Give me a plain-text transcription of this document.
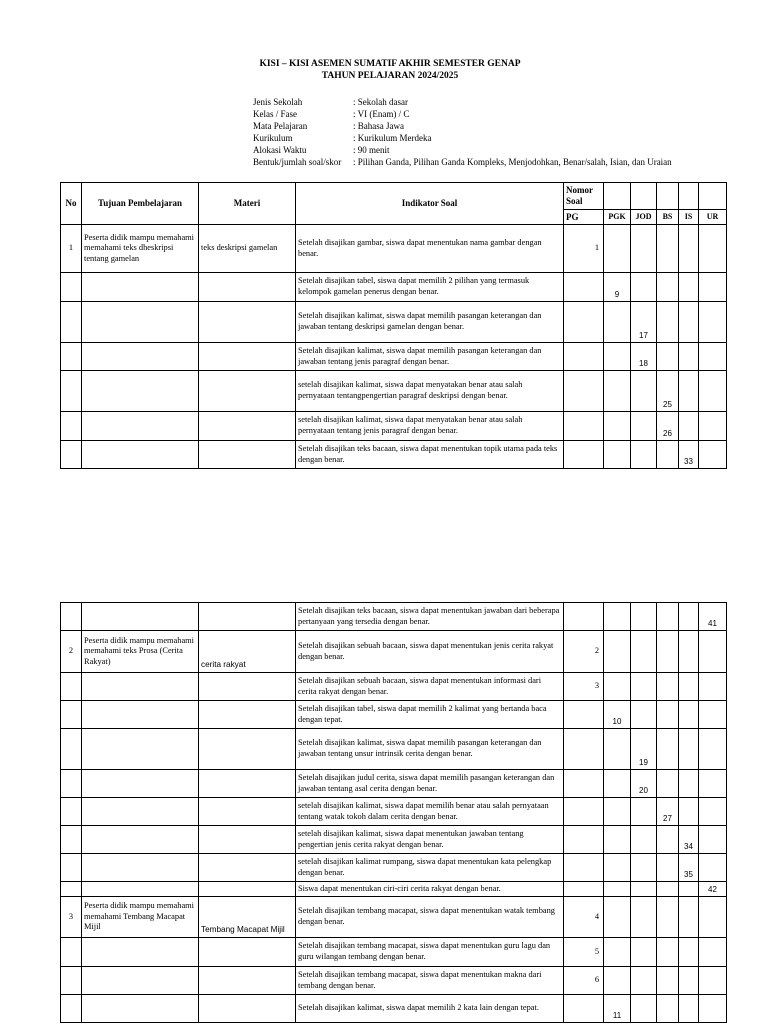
KISI – KISI ASEMEN SUMATIF AKHIR SEMESTER GENAP
TAHUN PELAJARAN 2024/2025
Jenis Sekolah	: Sekolah dasar
Kelas / Fase	: VI (Enam) / C
Mata Pelajaran	: Bahasa Jawa
Kurikulum	: Kurikulum Merdeka
Alokasi Waktu	: 90 menit
Bentuk/jumlah soal/skor	: Pilihan Ganda, Pilihan Ganda Kompleks, Menjodohkan, Benar/salah, Isian, dan Uraian
No	Tujuan Pembelajaran	Materi	Indikator Soal	Nomor Soal					
				PG	PGK	JOD	BS	IS	UR
1	Peserta didik mampu memahami memahami teks dheskripsi tentang gamelan	teks deskripsi gamelan	Setelah disajikan gambar, siswa dapat menentukan nama gambar dengan benar.	1					
			Setelah disajikan tabel, siswa dapat memilih 2 pilihan yang termasuk kelompok gamelan penerus dengan benar.		9				
			Setelah disajikan kalimat, siswa dapat memilih pasangan keterangan dan jawaban tentang deskripsi gamelan dengan benar.			17			
			Setelah disajikan kalimat, siswa dapat memilih pasangan keterangan dan jawaban tentang jenis paragraf dengan benar.			18			
			setelah disajikan kalimat, siswa dapat menyatakan benar atau salah pernyataan tentangpengertian paragraf deskripsi dengan benar.				25		
			setelah disajikan kalimat, siswa dapat menyatakan benar atau salah pernyataan tentang jenis paragraf dengan benar.				26		
			Setelah disajikan teks bacaan, siswa dapat menentukan topik utama pada teks dengan benar.					33	
			Setelah disajikan teks bacaan, siswa dapat menentukan jawaban dari beberapa pertanyaan yang tersedia dengan benar.						41
2	Peserta didik mampu memahami memahami teks Prosa (Cerita Rakyat)	cerita rakyat	Setelah disajikan sebuah bacaan, siswa dapat menentukan jenis cerita rakyat dengan benar.	2					
			Setelah disajikan sebuah bacaan, siswa dapat menentukan informasi dari cerita rakyat dengan benar.	3					
			Setelah disajikan tabel, siswa dapat memilih 2 kalimat yang bertanda baca dengan tepat.		10				
			Setelah disajikan kalimat, siswa dapat memilih pasangan keterangan dan jawaban tentang unsur intrinsik cerita dengan benar.			19			
			Setelah disajikan judul cerita, siswa dapat memilih pasangan keterangan dan jawaban tentang asal cerita dengan benar.			20			
			setelah disajikan kalimat, siswa dapat memilih benar atau salah pernyataan tentang watak tokoh dalam cerita dengan benar.				27		
			setelah disajikan kalimat, siswa dapat menentukan jawaban tentang pengertian jenis cerita rakyat dengan benar.					34	
			setelah disajikan kalimat rumpang, siswa dapat menentukan kata pelengkap dengan benar.					35	
			Siswa dapat menentukan ciri-ciri cerita rakyat dengan benar.						42
3	Peserta didik mampu memahami memahami Tembang Macapat Mijil	Tembang Macapat Mijil	Setelah disajikan tembang macapat, siswa dapat menentukan watak tembang dengan benar.	4					
			Setelah disajikan tembang macapat, siswa dapat menentukan guru lagu dan guru wilangan tembang dengan benar.	5					
			Setelah disajikan tembang macapat, siswa dapat menentukan makna dari tembang dengan benar.	6					
			Setelah disajikan kalimat, siswa dapat memilih 2 kata lain dengan tepat.		11				
